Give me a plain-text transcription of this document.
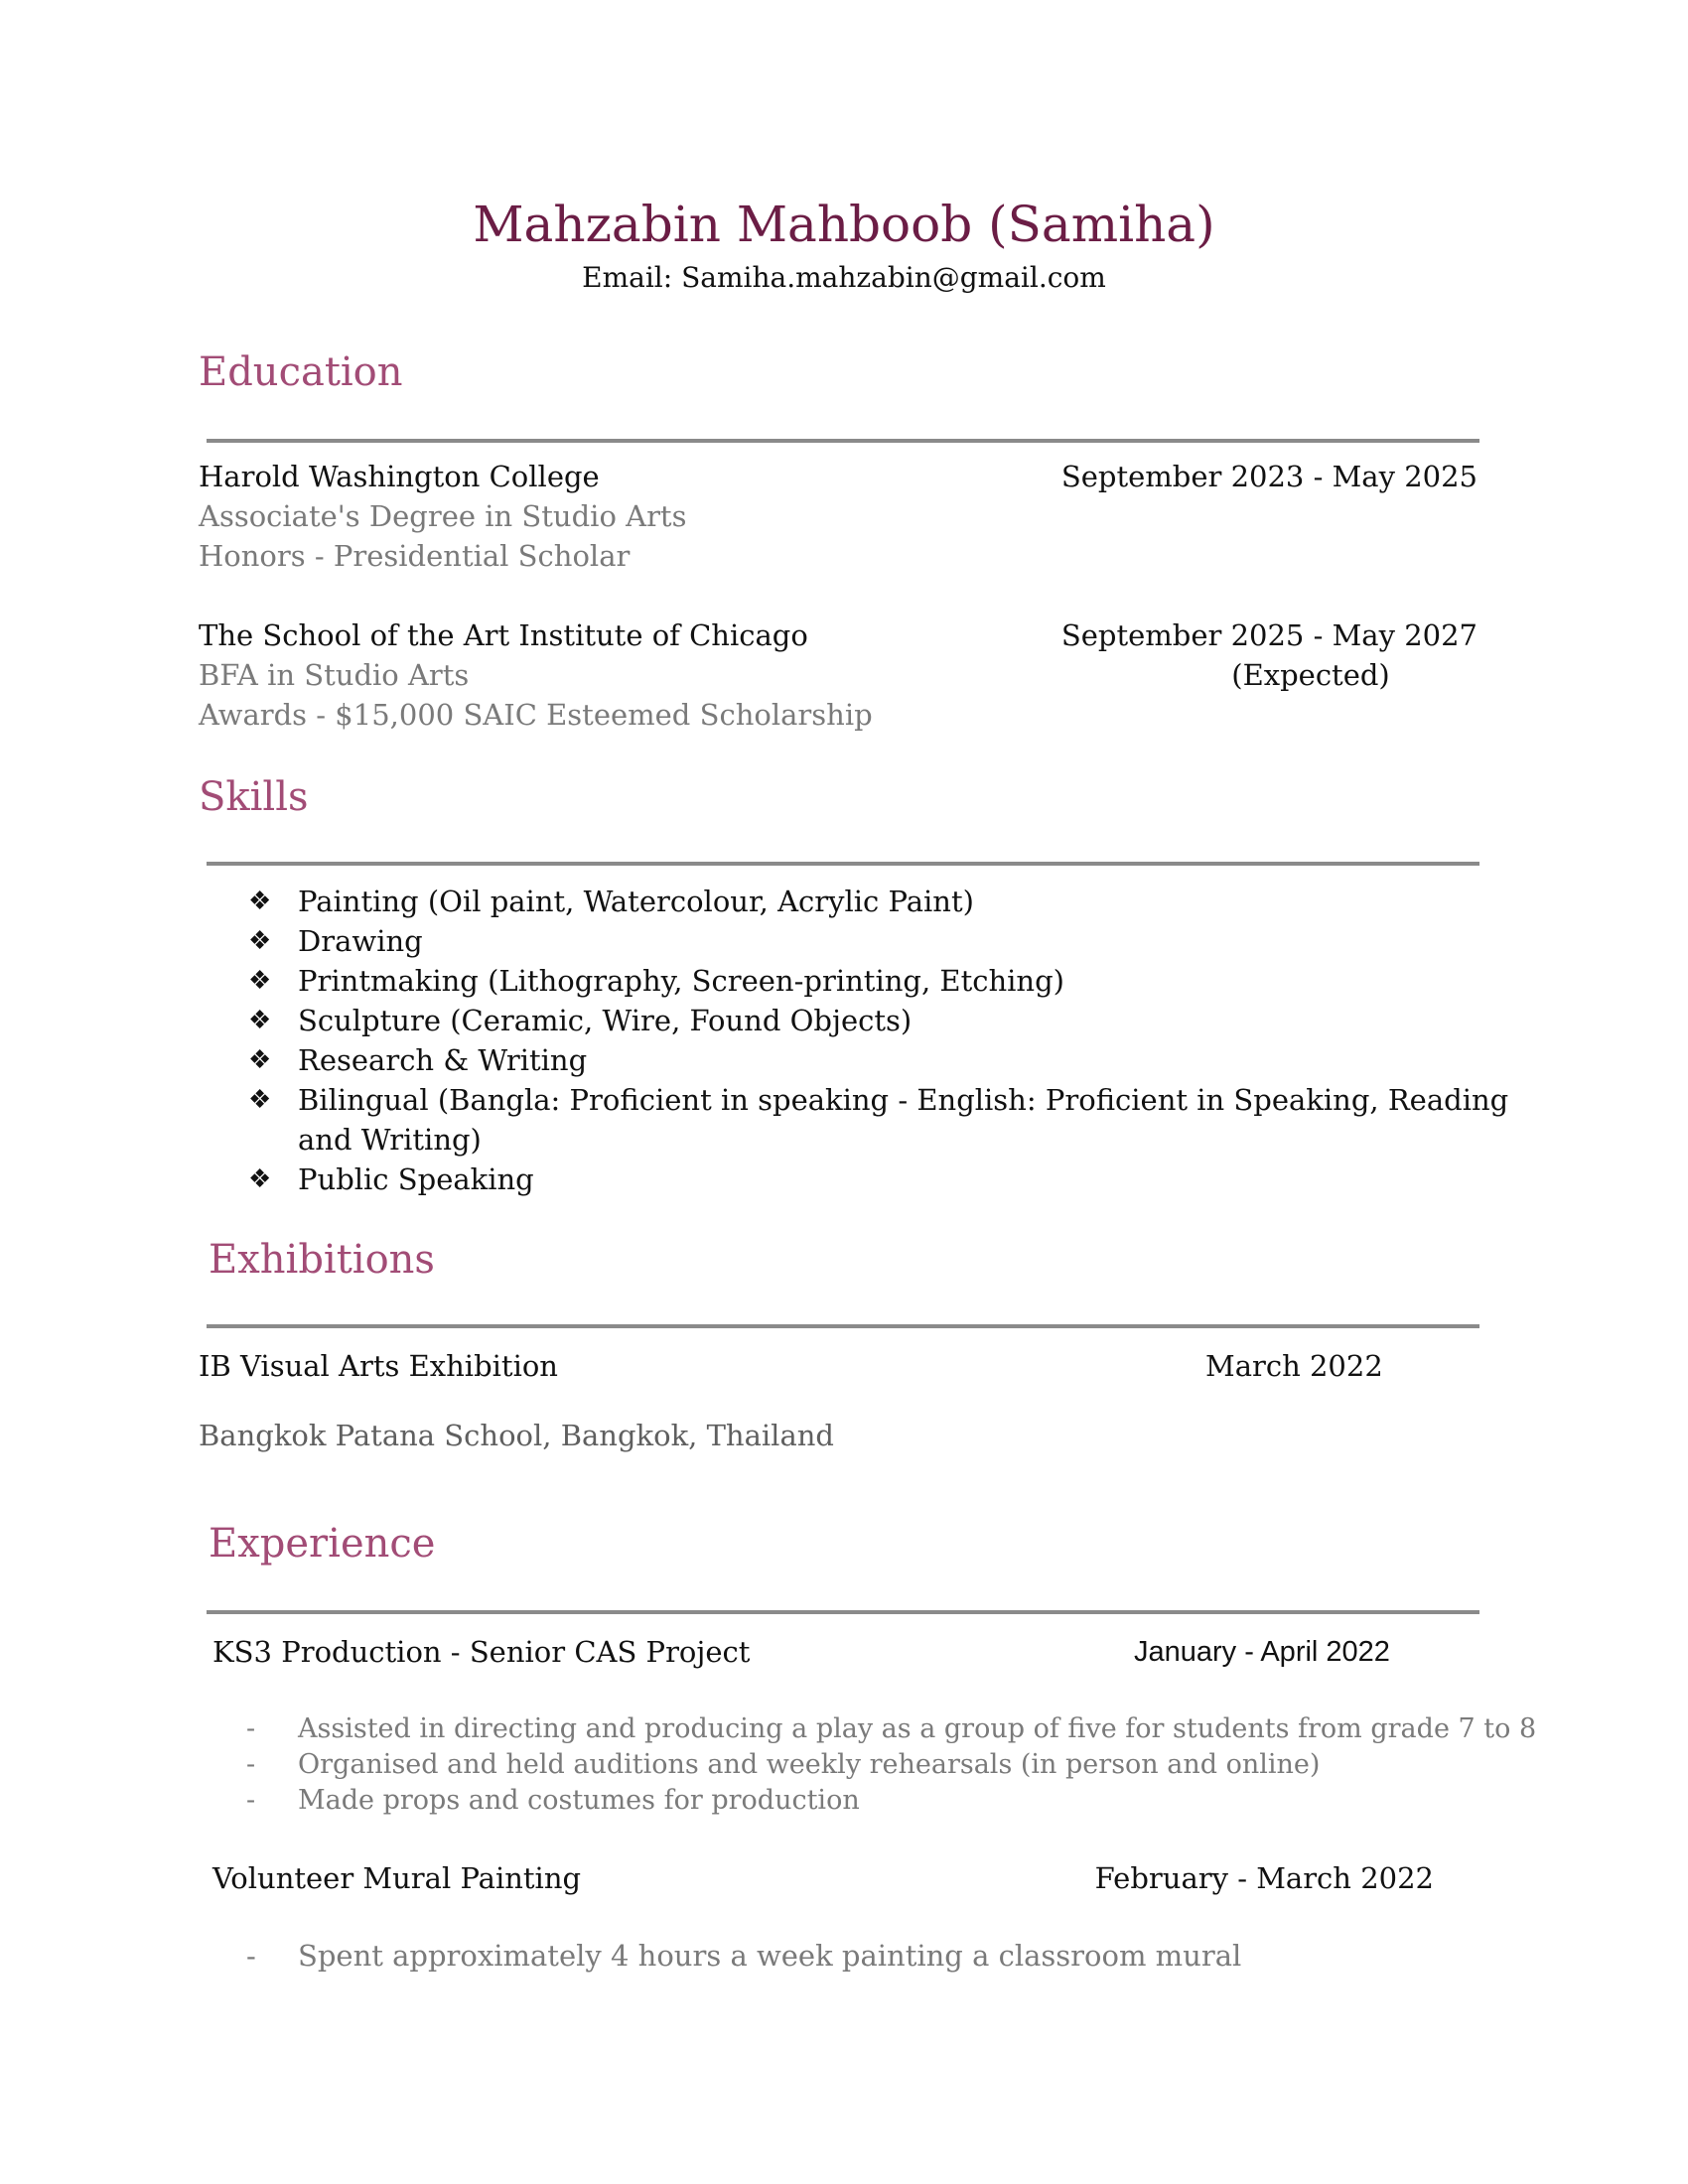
Mahzabin Mahboob (Samiha)
Email: Samiha.mahzabin@gmail.com
Education
Harold Washington College	September 2023 - May 2025
Associate's Degree in Studio Arts
Honors - Presidential Scholar
The School of the Art Institute of Chicago	September 2025 - May 2027
(Expected)
BFA in Studio Arts
Awards - $15,000 SAIC Esteemed Scholarship
Skills
❖ Painting (Oil paint, Watercolour, Acrylic Paint)
❖ Drawing
❖ Printmaking (Lithography, Screen-printing, Etching)
❖ Sculpture (Ceramic, Wire, Found Objects)
❖ Research & Writing
❖ Bilingual (Bangla: Proficient in speaking - English: Proficient in Speaking, Reading and Writing)
❖ Public Speaking
Exhibitions
IB Visual Arts Exhibition	March 2022
Bangkok Patana School, Bangkok, Thailand
Experience
KS3 Production - Senior CAS Project	January - April 2022
- Assisted in directing and producing a play as a group of five for students from grade 7 to 8
- Organised and held auditions and weekly rehearsals (in person and online)
- Made props and costumes for production
Volunteer Mural Painting	February - March 2022
- Spent approximately 4 hours a week painting a classroom mural
